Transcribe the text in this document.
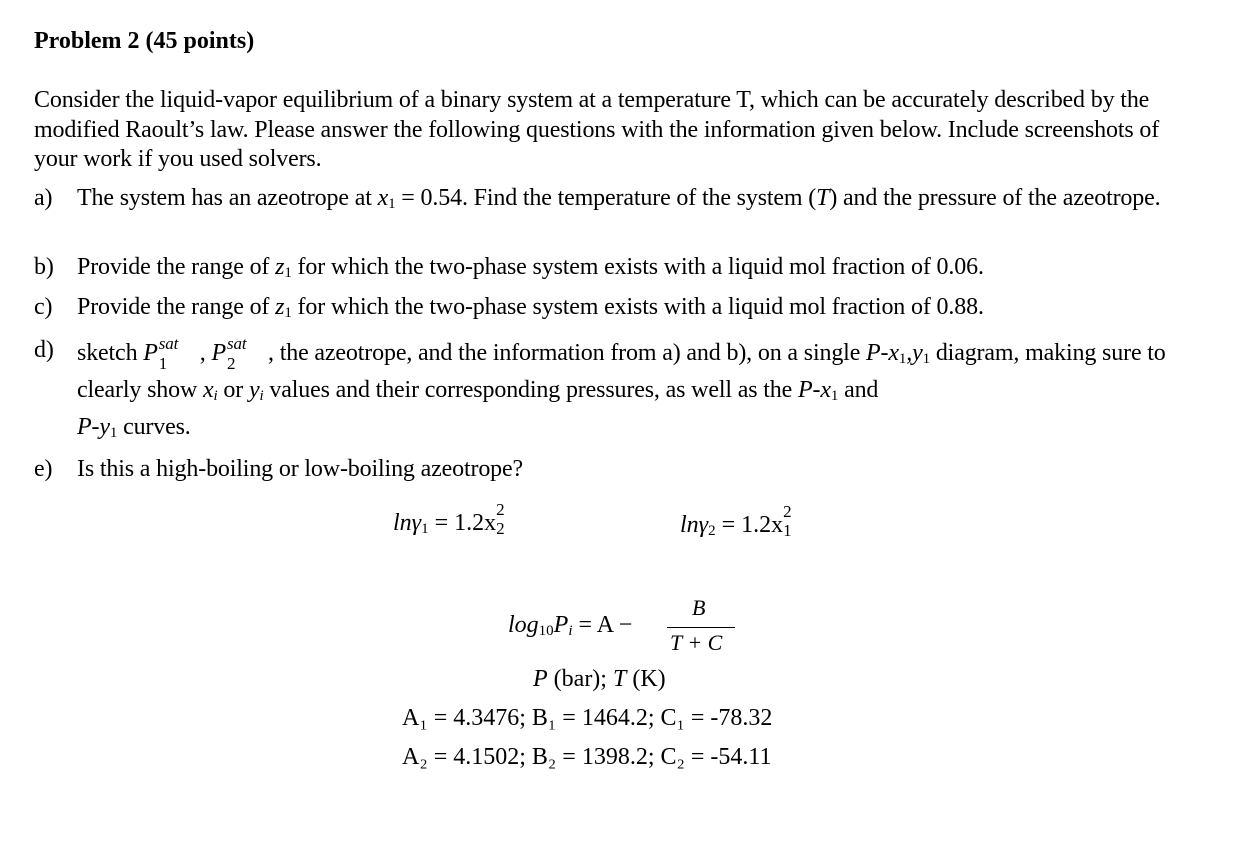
Problem 2 (45 points)
Consider the liquid-vapor equilibrium of a binary system at a temperature T, which can be accurately described by the modified Raoult’s law. Please answer the following questions with the information given below. Include screenshots of your work if you used solvers.
a)	The system has an azeotrope at $x_1 = 0.54$. Find the temperature of the system (T) and the pressure of the azeotrope.
b) Provide the range of $z_1$ for which the two-phase system exists with a liquid mol fraction of 0.06.
c)	Provide the range of $z_1$ for which the two-phase system exists with a liquid mol fraction of 0.88.
d) sketch P sat
1 , P sat
2 , the azeotrope, and the information from a) and b), on a single $P-x_1,y_1$ diagram, making sure to clearly show $x_i$ or $y_i$ values and their corresponding pressures, as well as the $P-x_1$ and
$P-y_1$ curves.
e)	Is this a high-boiling or low-boiling azeotrope?
lnγ$_1$ = 1.2x
2
2	lnγ$_2$ = 1.2x
2
1
$\log_{10}P_i = A$ −
B
T + C
P (bar); T (K)
A₁ = 4.3476; B₁ = 1464.2; C₁ = -78.32
A₂ = 4.1502; B₂ = 1398.2; C₂ = -54.11
